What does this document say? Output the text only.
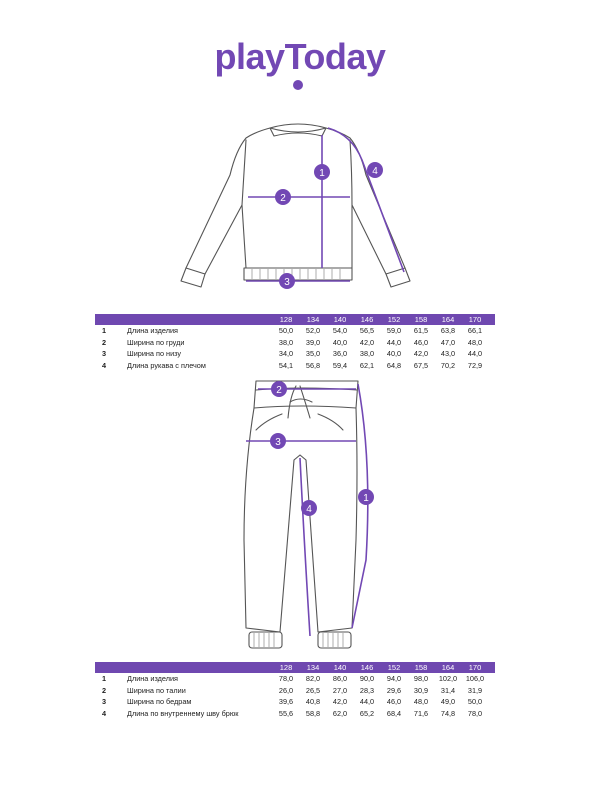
playToday
1
2
3
4
128	134	140	146	152	158	164	170
1	Длина изделия	50,0	52,0	54,0	56,5	59,0	61,5	63,8	66,1
2	Ширина по груди	38,0	39,0	40,0	42,0	44,0	46,0	47,0	48,0
3	Ширина по низу	34,0	35,0	36,0	38,0	40,0	42,0	43,0	44,0
4	Длина рукава с плечом	54,1	56,8	59,4	62,1	64,8	67,5	70,2	72,9
2
3
4
1
128	134	140	146	152	158	164	170
1	Длина изделия	78,0	82,0	86,0	90,0	94,0	98,0	102,0	106,0
2	Ширина по талии	26,0	26,5	27,0	28,3	29,6	30,9	31,4	31,9
3	Ширина по бедрам	39,6	40,8	42,0	44,0	46,0	48,0	49,0	50,0
4	Длина по внутреннему шву брюк	55,6	58,8	62,0	65,2	68,4	71,6	74,8	78,0
